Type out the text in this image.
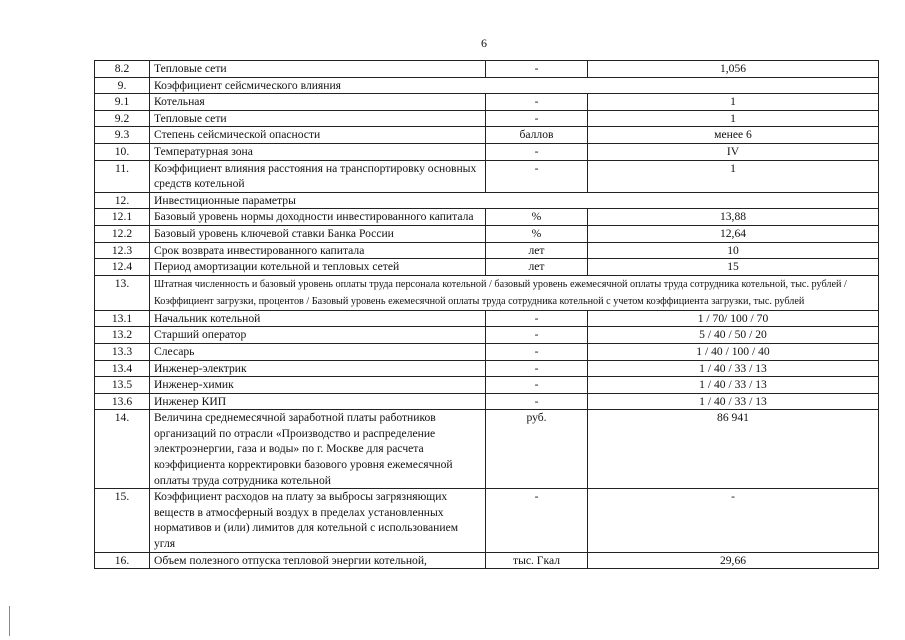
6
8.2	Тепловые сети	-	1,056
9.	Коэффициент сейсмического влияния		
9.1	Котельная	-	1
9.2	Тепловые сети	-	1
9.3	Степень сейсмической опасности	баллов	менее 6
10.	Температурная зона	-	IV
11.	Коэффициент влияния расстояния на транспортировку основных средств котельной	-	1
12.	Инвестиционные параметры		
12.1	Базовый уровень нормы доходности инвестированного капитала	%	13,88
12.2	Базовый уровень ключевой ставки Банка России	%	12,64
12.3	Срок возврата инвестированного капитала	лет	10
12.4	Период амортизации котельной и тепловых сетей	лет	15
13.	Штатная численность и базовый уровень оплаты труда персонала котельной / базовый уровень ежемесячной оплаты труда сотрудника котельной, тыс. рублей / Коэффициент загрузки, процентов / Базовый уровень ежемесячной оплаты труда сотрудника котельной с учетом коэффициента загрузки, тыс. рублей		
13.1	Начальник котельной	-	1 / 70/ 100 / 70
13.2	Старший оператор	-	5 / 40 / 50 / 20
13.3	Слесарь	-	1 / 40 / 100 / 40
13.4	Инженер-электрик	-	1 / 40 / 33 / 13
13.5	Инженер-химик	-	1 / 40 / 33 / 13
13.6	Инженер КИП	-	1 / 40 / 33 / 13
14.	Величина среднемесячной заработной платы работников организаций по отрасли «Производство и распределение электроэнергии, газа и воды» по г. Москве для расчета коэффициента корректировки базового уровня ежемесячной оплаты труда сотрудника котельной	руб.	86 941
15.	Коэффициент расходов на плату за выбросы загрязняющих веществ в атмосферный воздух в пределах установленных нормативов и (или) лимитов для котельной с использованием угля	-	-
16.	Объем полезного отпуска тепловой энергии котельной,	тыс. Гкал	29,66
